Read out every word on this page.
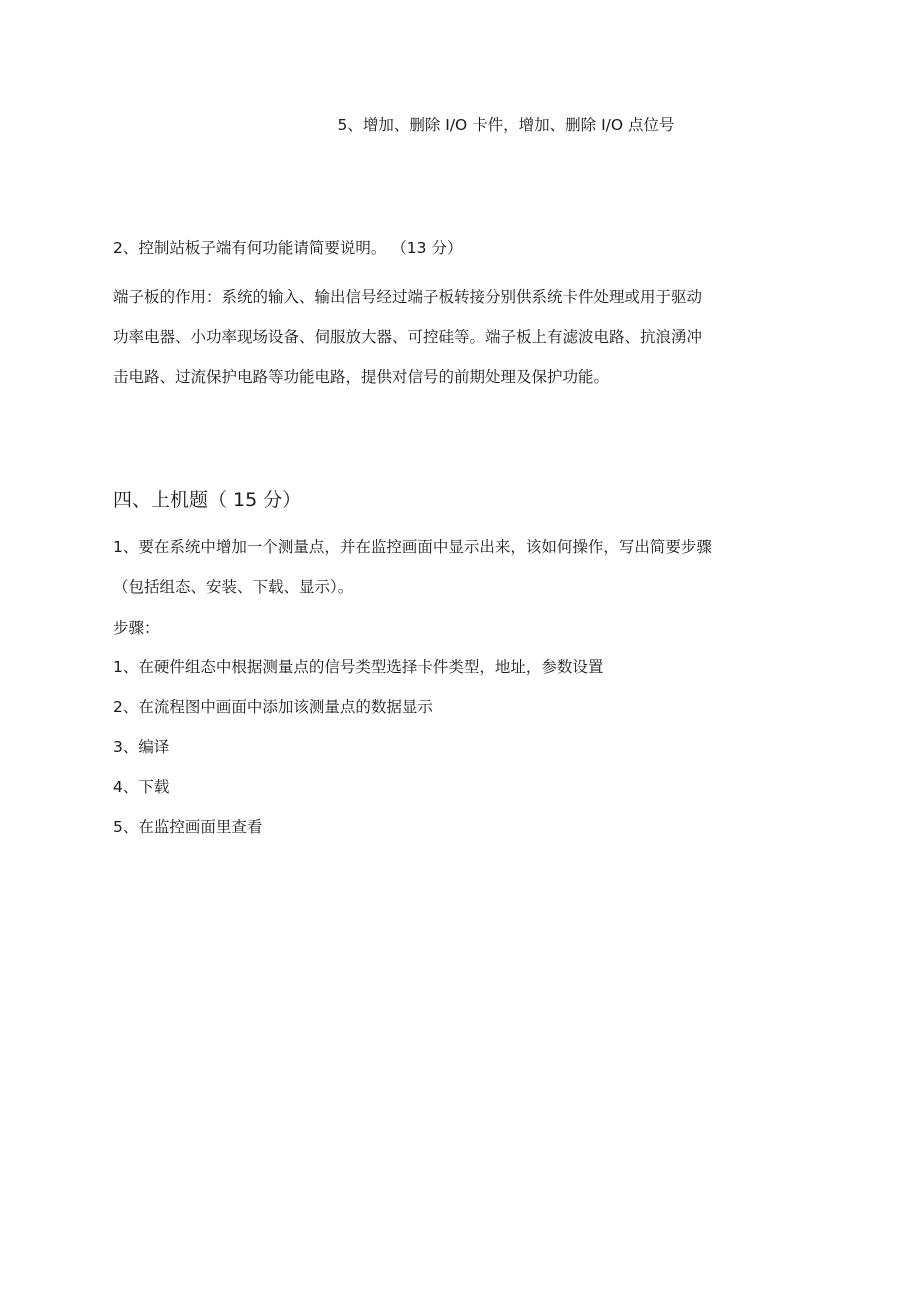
5、增加、删除 I/O 卡件，增加、删除 I/O 点位号

2、控制站板子端有何功能请简要说明。 （13 分）

端子板的作用：系统的输入、输出信号经过端子板转接分别供系统卡件处理或用于驱动
功率电器、小功率现场设备、伺服放大器、可控硅等。端子板上有滤波电路、抗浪湧冲
击电路、过流保护电路等功能电路，提供对信号的前期处理及保护功能。

四、上机题（ 15 分）

1、要在系统中增加一个测量点，并在监控画面中显示出来，该如何操作，写出简要步骤
（包括组态、安装、下载、显示）。

步骤：

1、在硬件组态中根据测量点的信号类型选择卡件类型，地址，参数设置
2、在流程图中画面中添加该测量点的数据显示
3、编译
4、下载
5、在监控画面里查看
